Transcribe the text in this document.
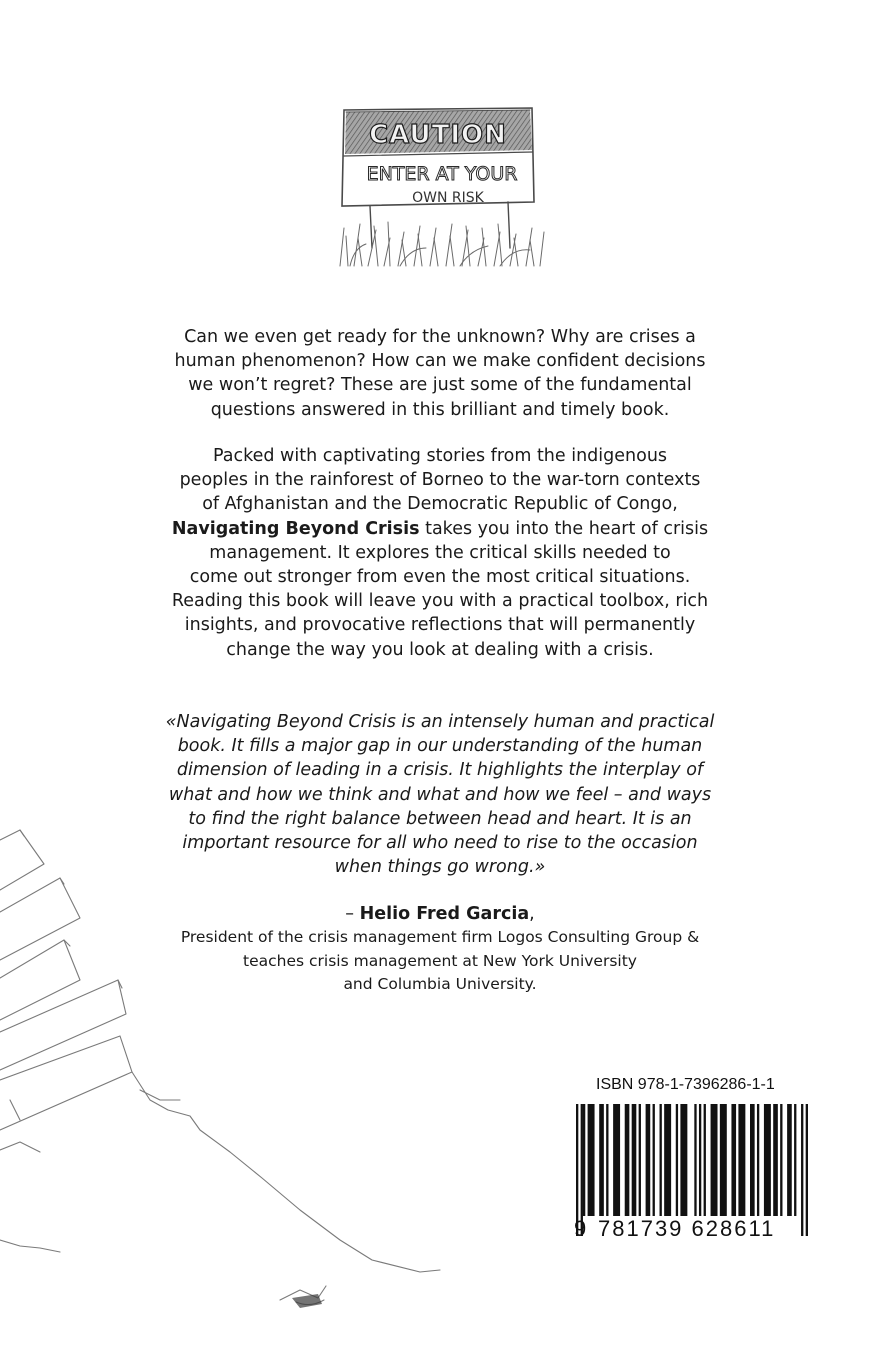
CAUTION
ENTER AT YOUR
OWN RISK

Can we even get ready for the unknown? Why are crises a
human phenomenon? How can we make confident decisions
we won’t regret? These are just some of the fundamental
questions answered in this brilliant and timely book.

Packed with captivating stories from the indigenous
peoples in the rainforest of Borneo to the war-torn contexts
of Afghanistan and the Democratic Republic of Congo,
Navigating Beyond Crisis takes you into the heart of crisis
management. It explores the critical skills needed to
come out stronger from even the most critical situations.
Reading this book will leave you with a practical toolbox, rich
insights, and provocative reflections that will permanently
change the way you look at dealing with a crisis.

«Navigating Beyond Crisis is an intensely human and practical
book. It fills a major gap in our understanding of the human
dimension of leading in a crisis. It highlights the interplay of
what and how we think and what and how we feel – and ways
to find the right balance between head and heart. It is an
important resource for all who need to rise to the occasion
when things go wrong.»

– Helio Fred Garcia,
President of the crisis management firm Logos Consulting Group &
teaches crisis management at New York University
and Columbia University.

ISBN 978-1-7396286-1-1
9 781739 628611
